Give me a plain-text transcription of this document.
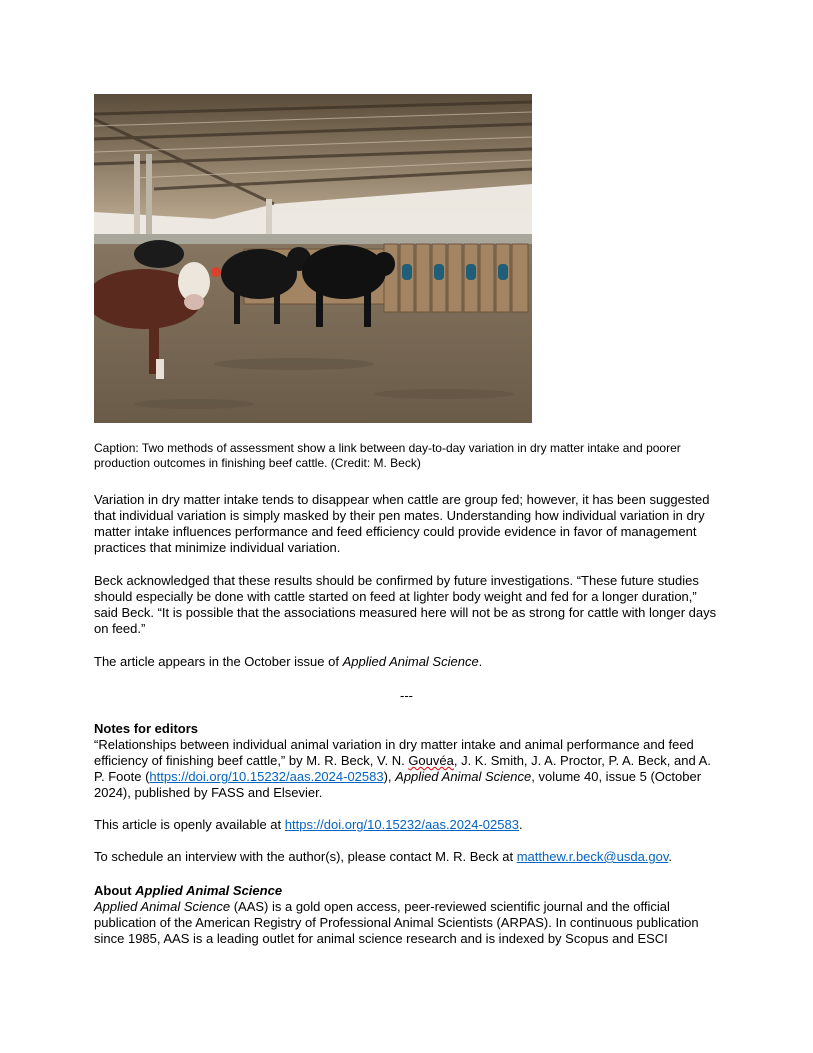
Caption: Two methods of assessment show a link between day-to-day variation in dry matter intake and poorer production outcomes in finishing beef cattle. (Credit: M. Beck)

Variation in dry matter intake tends to disappear when cattle are group fed; however, it has been suggested that individual variation is simply masked by their pen mates. Understanding how individual variation in dry matter intake influences performance and feed efficiency could provide evidence in favor of management practices that minimize individual variation.

Beck acknowledged that these results should be confirmed by future investigations. “These future studies should especially be done with cattle started on feed at lighter body weight and fed for a longer duration,” said Beck. “It is possible that the associations measured here will not be as strong for cattle with longer days on feed.”

The article appears in the October issue of Applied Animal Science.

---

Notes for editors

“Relationships between individual animal variation in dry matter intake and animal performance and feed efficiency of finishing beef cattle,” by M. R. Beck, V. N. Gouvéa, J. K. Smith, J. A. Proctor, P. A. Beck, and A. P. Foote (https://doi.org/10.15232/aas.2024-02583), Applied Animal Science, volume 40, issue 5 (October 2024), published by FASS and Elsevier.

This article is openly available at https://doi.org/10.15232/aas.2024-02583.

To schedule an interview with the author(s), please contact M. R. Beck at matthew.r.beck@usda.gov.

About Applied Animal Science

Applied Animal Science (AAS) is a gold open access, peer-reviewed scientific journal and the official publication of the American Registry of Professional Animal Scientists (ARPAS). In continuous publication since 1985, AAS is a leading outlet for animal science research and is indexed by Scopus and ESCI
